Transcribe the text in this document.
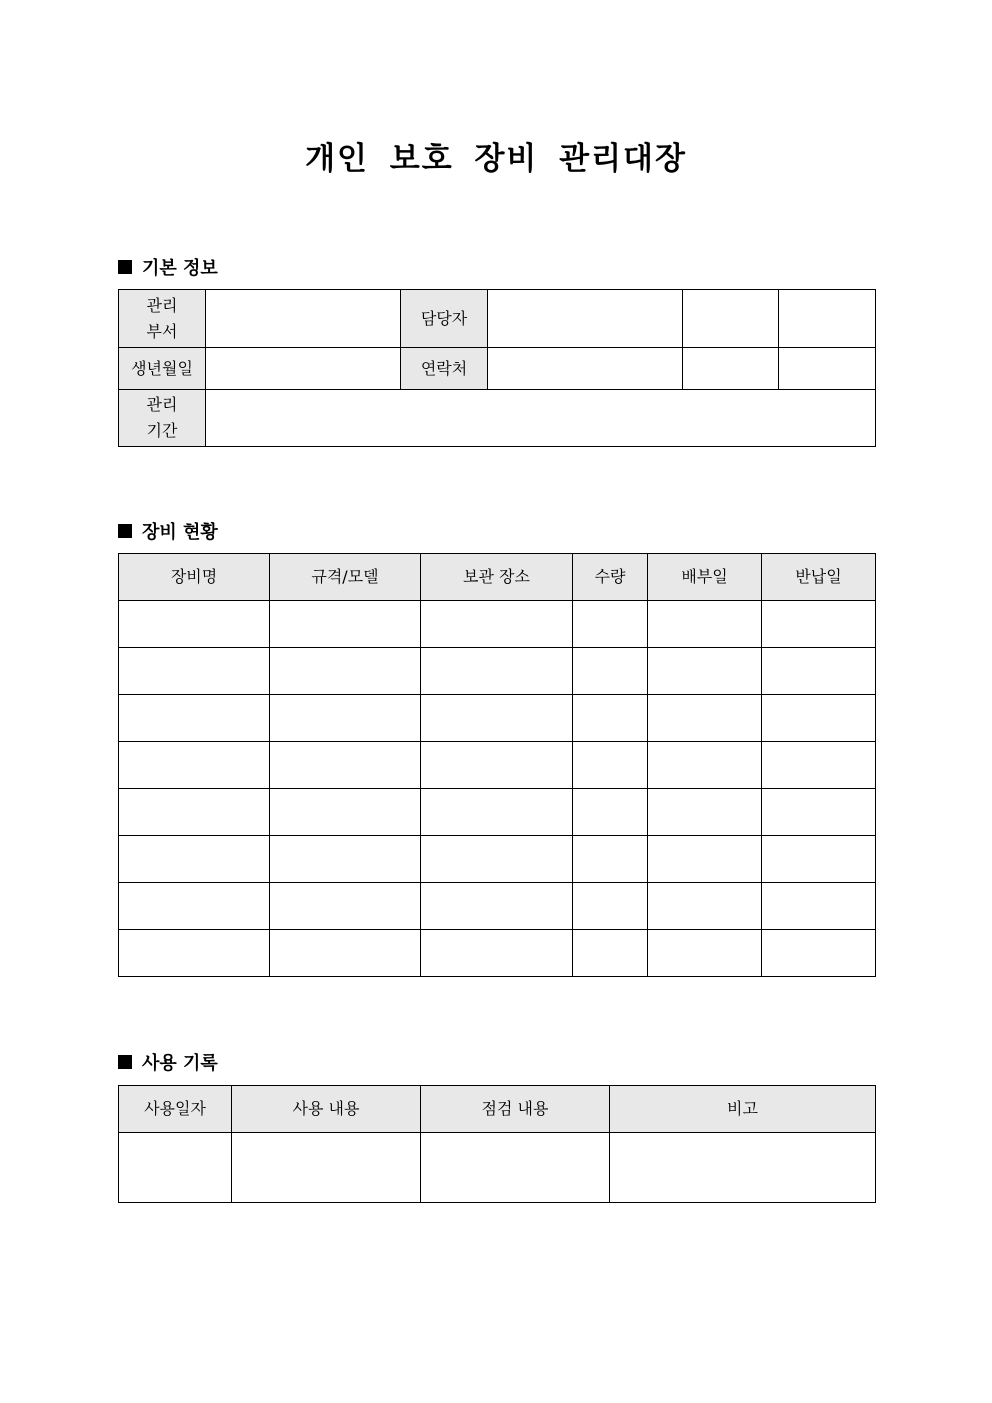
개인 보호 장비 관리대장
기본 정보
관리
부서		담당자			
생년월일		연락처			

관리
기간					

장비 현황
장비명	규격/모델	보관 장소	수량	배부일	반납일

사용 기록
사용일자	사용 내용	점검 내용	비고
